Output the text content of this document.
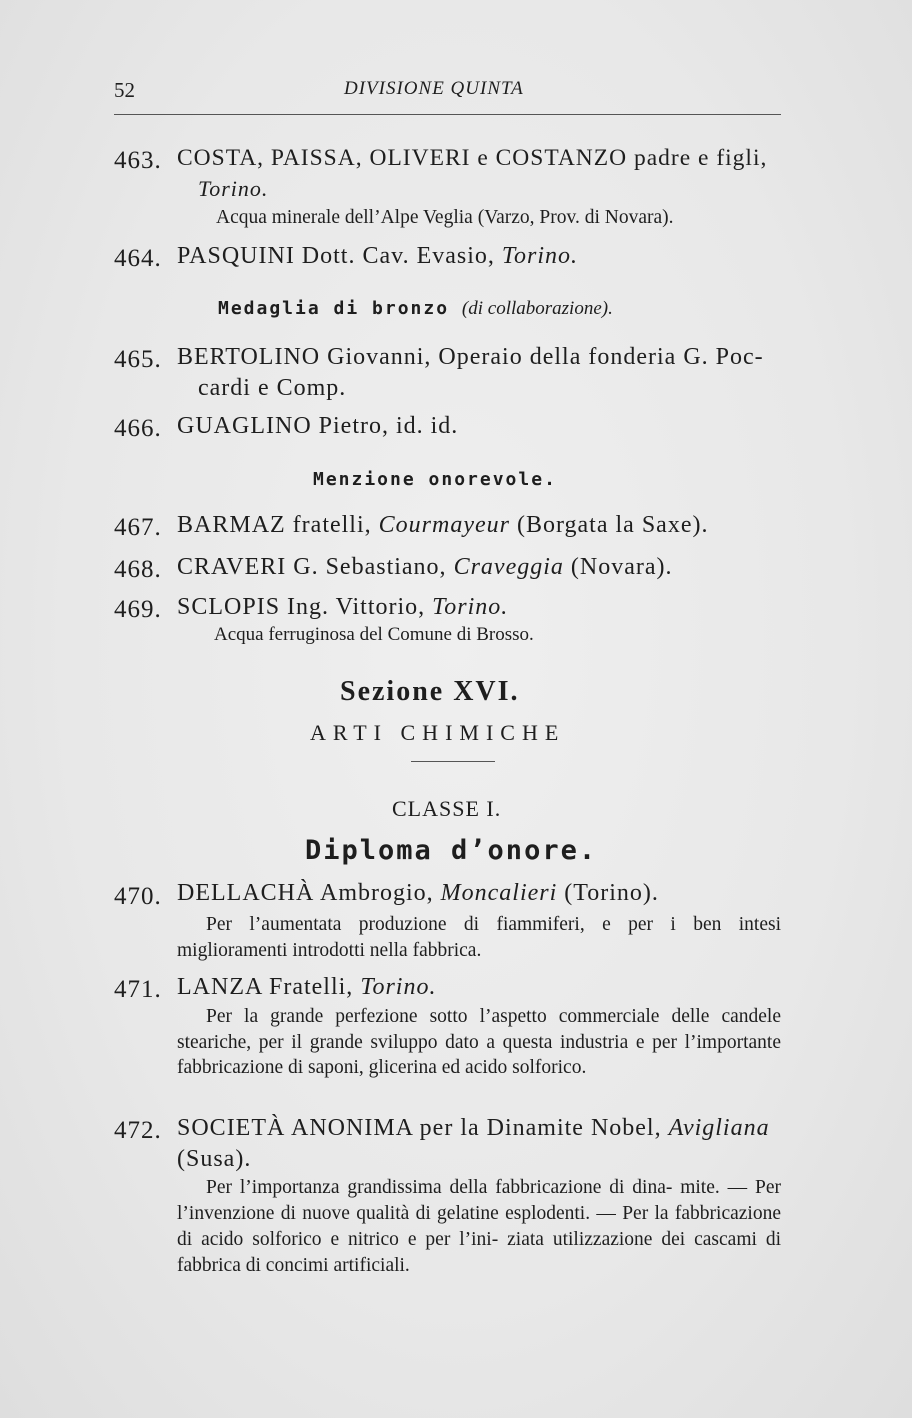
52	DIVISIONE QUINTA
463. COSTA, PAISSA, OLIVERI e COSTANZO padre e figli,
Torino.
Acqua minerale dell’Alpe Veglia (Varzo, Prov. di Novara).
464. PASQUINI Dott. Cav. Evasio, Torino.
Medaglia di bronzo (di collaborazione).
465. BERTOLINO Giovanni, Operaio della fonderia G. Poc-
cardi e Comp.
466. GUAGLINO Pietro, id. id.
Menzione onorevole.
467. BARMAZ fratelli, Courmayeur (Borgata la Saxe).
468. CRAVERI G. Sebastiano, Craveggia (Novara).
469. SCLOPIS Ing. Vittorio, Torino.
Acqua ferruginosa del Comune di Brosso.
Sezione XVI.
ARTI CHIMICHE
CLASSE I.
Diploma d’onore.
470. DELLACHÀ Ambrogio, Moncalieri (Torino).
Per l’aumentata produzione di fiammiferi, e per i ben intesi miglioramenti introdotti nella fabbrica.
471. LANZA Fratelli, Torino.
Per la grande perfezione sotto l’aspetto commerciale delle candele steariche, per il grande sviluppo dato a questa industria e per l’importante fabbricazione di saponi, glicerina ed acido solforico.
472. SOCIETÀ ANONIMA per la Dinamite Nobel, Avigliana
(Susa).
Per l’importanza grandissima della fabbricazione di dina- mite. — Per l’invenzione di nuove qualità di gelatine esplodenti. — Per la fabbricazione di acido solforico e nitrico e per l’ini- ziata utilizzazione dei cascami di fabbrica di concimi artificiali.
